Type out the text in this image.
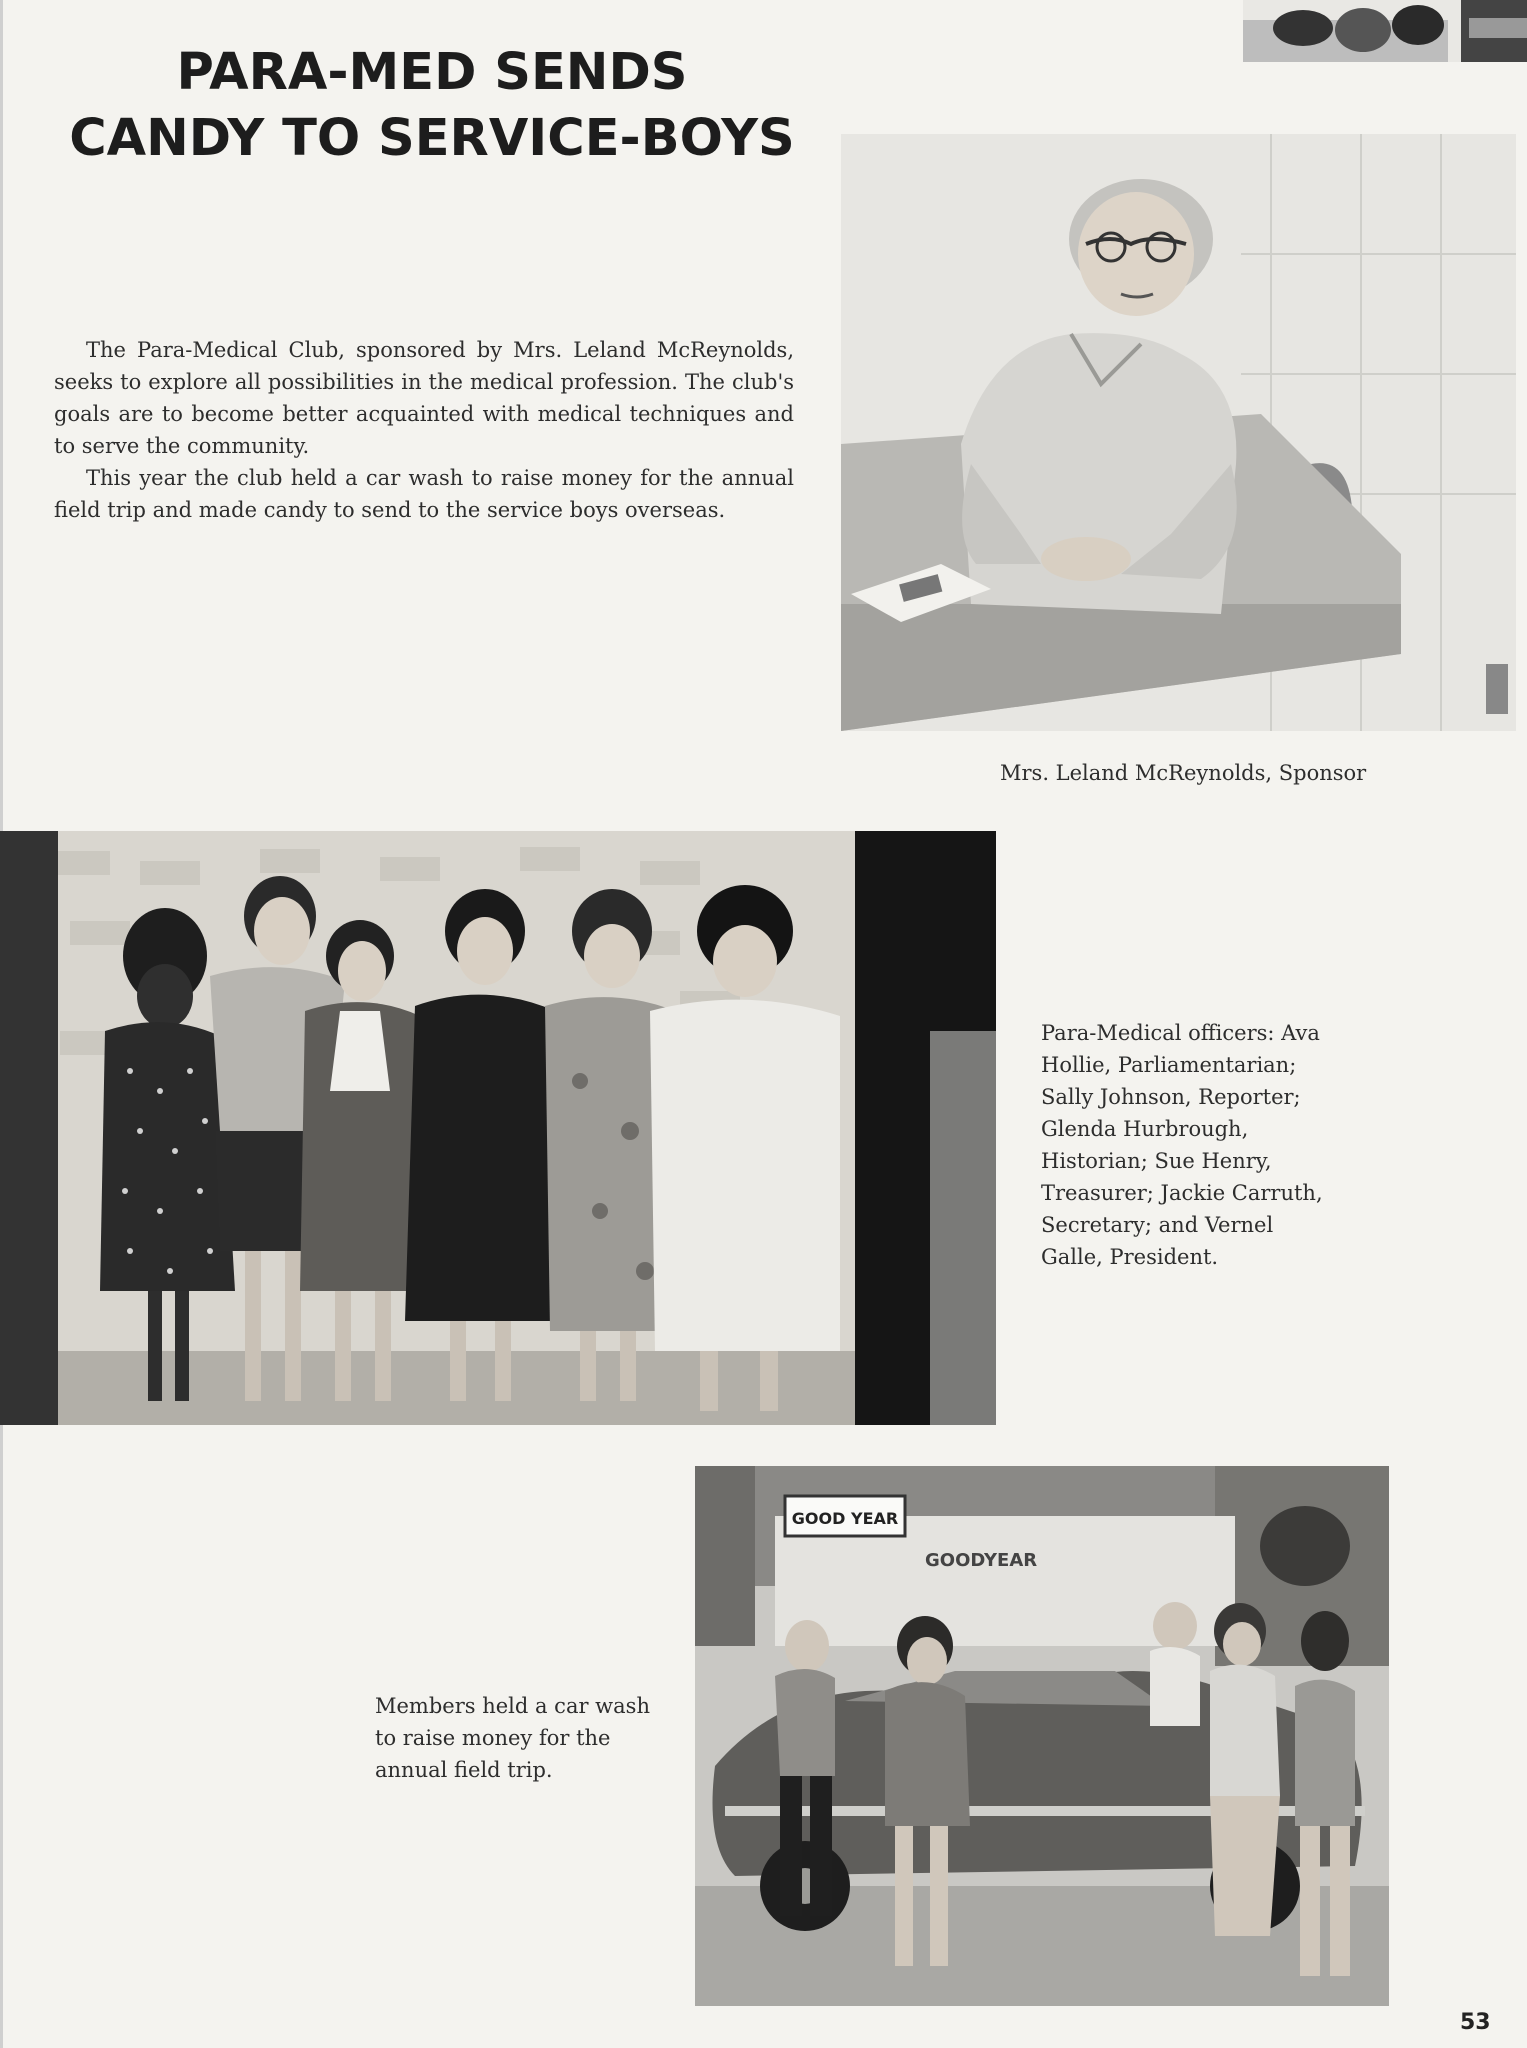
PARA-MED SENDS
CANDY TO SERVICE-BOYS

The Para-Medical Club, sponsored by Mrs. Leland McReynolds, seeks to explore all possibilities in the medical profession. The club's goals are to become better acquainted with medical techniques and to serve the community.

This year the club held a car wash to raise money for the annual field trip and made candy to send to the service boys overseas.

Mrs. Leland McReynolds, Sponsor
Para-Medical officers: Ava Hollie, Parliamentarian; Sally Johnson, Reporter; Glenda Hurbrough, Historian; Sue Henry, Treasurer; Jackie Carruth, Secretary; and Vernel Galle, President.
GOOD YEAR
GOODYEAR
Members held a car wash to raise money for the annual field trip.
53
